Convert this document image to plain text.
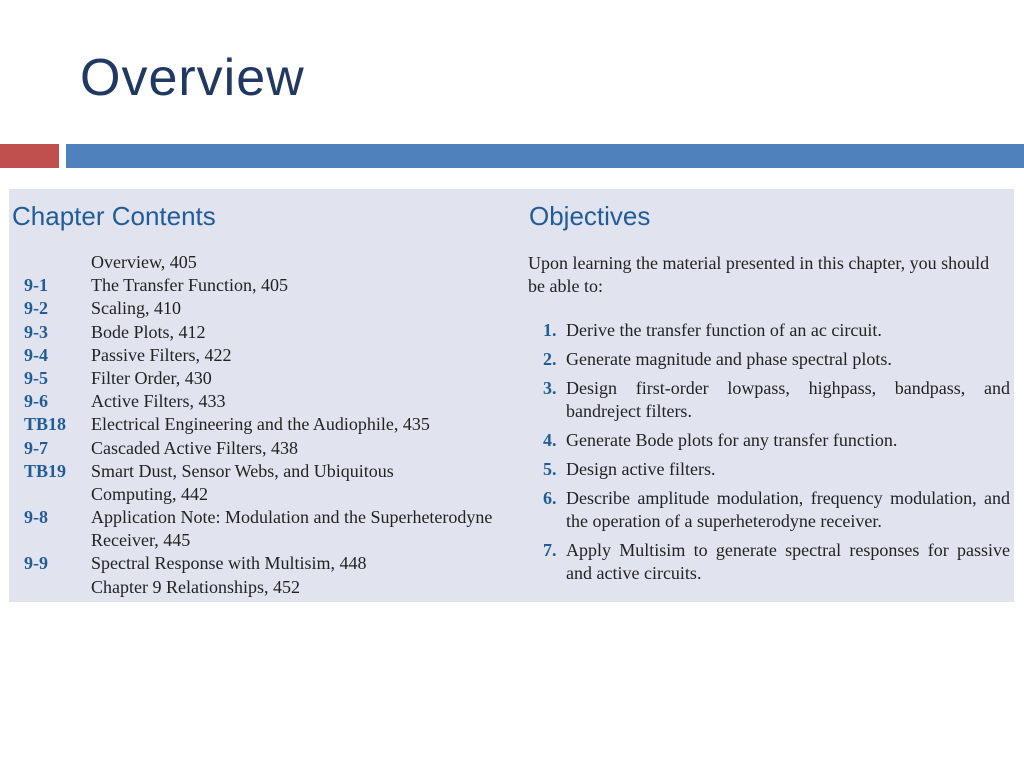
Overview
Chapter Contents
Overview, 405
9-1 The Transfer Function, 405
9-2 Scaling, 410
9-3 Bode Plots, 412
9-4 Passive Filters, 422
9-5 Filter Order, 430
9-6 Active Filters, 433
TB18 Electrical Engineering and the Audiophile, 435
9-7 Cascaded Active Filters, 438
TB19 Smart Dust, Sensor Webs, and Ubiquitous
Computing, 442
9-8 Application Note: Modulation and the Superheterodyne
Receiver, 445
9-9 Spectral Response with Multisim, 448
Chapter 9 Relationships, 452
Objectives

Upon learning the material presented in this chapter, you should be able to:

1. Derive the transfer function of an ac circuit.
2. Generate magnitude and phase spectral plots.
3. Design first-order lowpass, highpass, bandpass, and bandreject filters.
4. Generate Bode plots for any transfer function.
5. Design active filters.
6. Describe amplitude modulation, frequency modulation, and the operation of a superheterodyne receiver.
7. Apply Multisim to generate spectral responses for passive and active circuits.
